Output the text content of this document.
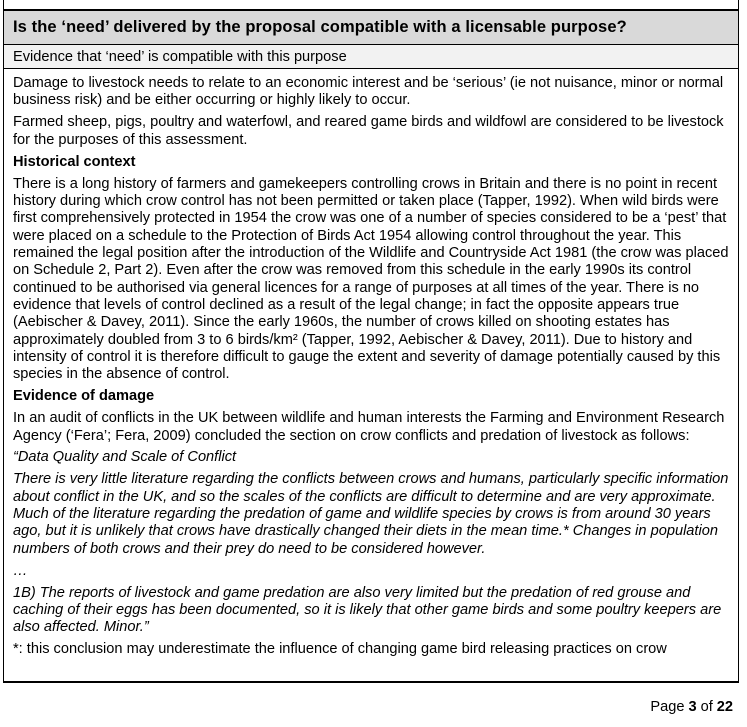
Is the ‘need’ delivered by the proposal compatible with a licensable purpose?
Evidence that ‘need’ is compatible with this purpose

Damage to livestock needs to relate to an economic interest and be ‘serious’ (ie not nuisance, minor or normal business risk) and be either occurring or highly likely to occur.

Farmed sheep, pigs, poultry and waterfowl, and reared game birds and wildfowl are considered to be livestock for the purposes of this assessment.

Historical context

There is a long history of farmers and gamekeepers controlling crows in Britain and there is no point in recent history during which crow control has not been permitted or taken place (Tapper, 1992). When wild birds were first comprehensively protected in 1954 the crow was one of a number of species considered to be a ‘pest’ that were placed on a schedule to the Protection of Birds Act 1954 allowing control throughout the year. This remained the legal position after the introduction of the Wildlife and Countryside Act 1981 (the crow was placed on Schedule 2, Part 2). Even after the crow was removed from this schedule in the early 1990s its control continued to be authorised via general licences for a range of purposes at all times of the year. There is no evidence that levels of control declined as a result of the legal change; in fact the opposite appears true (Aebischer & Davey, 2011). Since the early 1960s, the number of crows killed on shooting estates has approximately doubled from 3 to 6 birds/km² (Tapper, 1992, Aebischer & Davey, 2011). Due to history and intensity of control it is therefore difficult to gauge the extent and severity of damage potentially caused by this species in the absence of control.

Evidence of damage

In an audit of conflicts in the UK between wildlife and human interests the Farming and Environment Research Agency (‘Fera’; Fera, 2009) concluded the section on crow conflicts and predation of livestock as follows:

“Data Quality and Scale of Conflict

There is very little literature regarding the conflicts between crows and humans, particularly specific information about conflict in the UK, and so the scales of the conflicts are difficult to determine and are very approximate. Much of the literature regarding the predation of game and wildlife species by crows is from around 30 years ago, but it is unlikely that crows have drastically changed their diets in the mean time.* Changes in population numbers of both crows and their prey do need to be considered however.

…

1B) The reports of livestock and game predation are also very limited but the predation of red grouse and caching of their eggs has been documented, so it is likely that other game birds and some poultry keepers are also affected. Minor.”

*: this conclusion may underestimate the influence of changing game bird releasing practices on crow

Page 3 of 22
